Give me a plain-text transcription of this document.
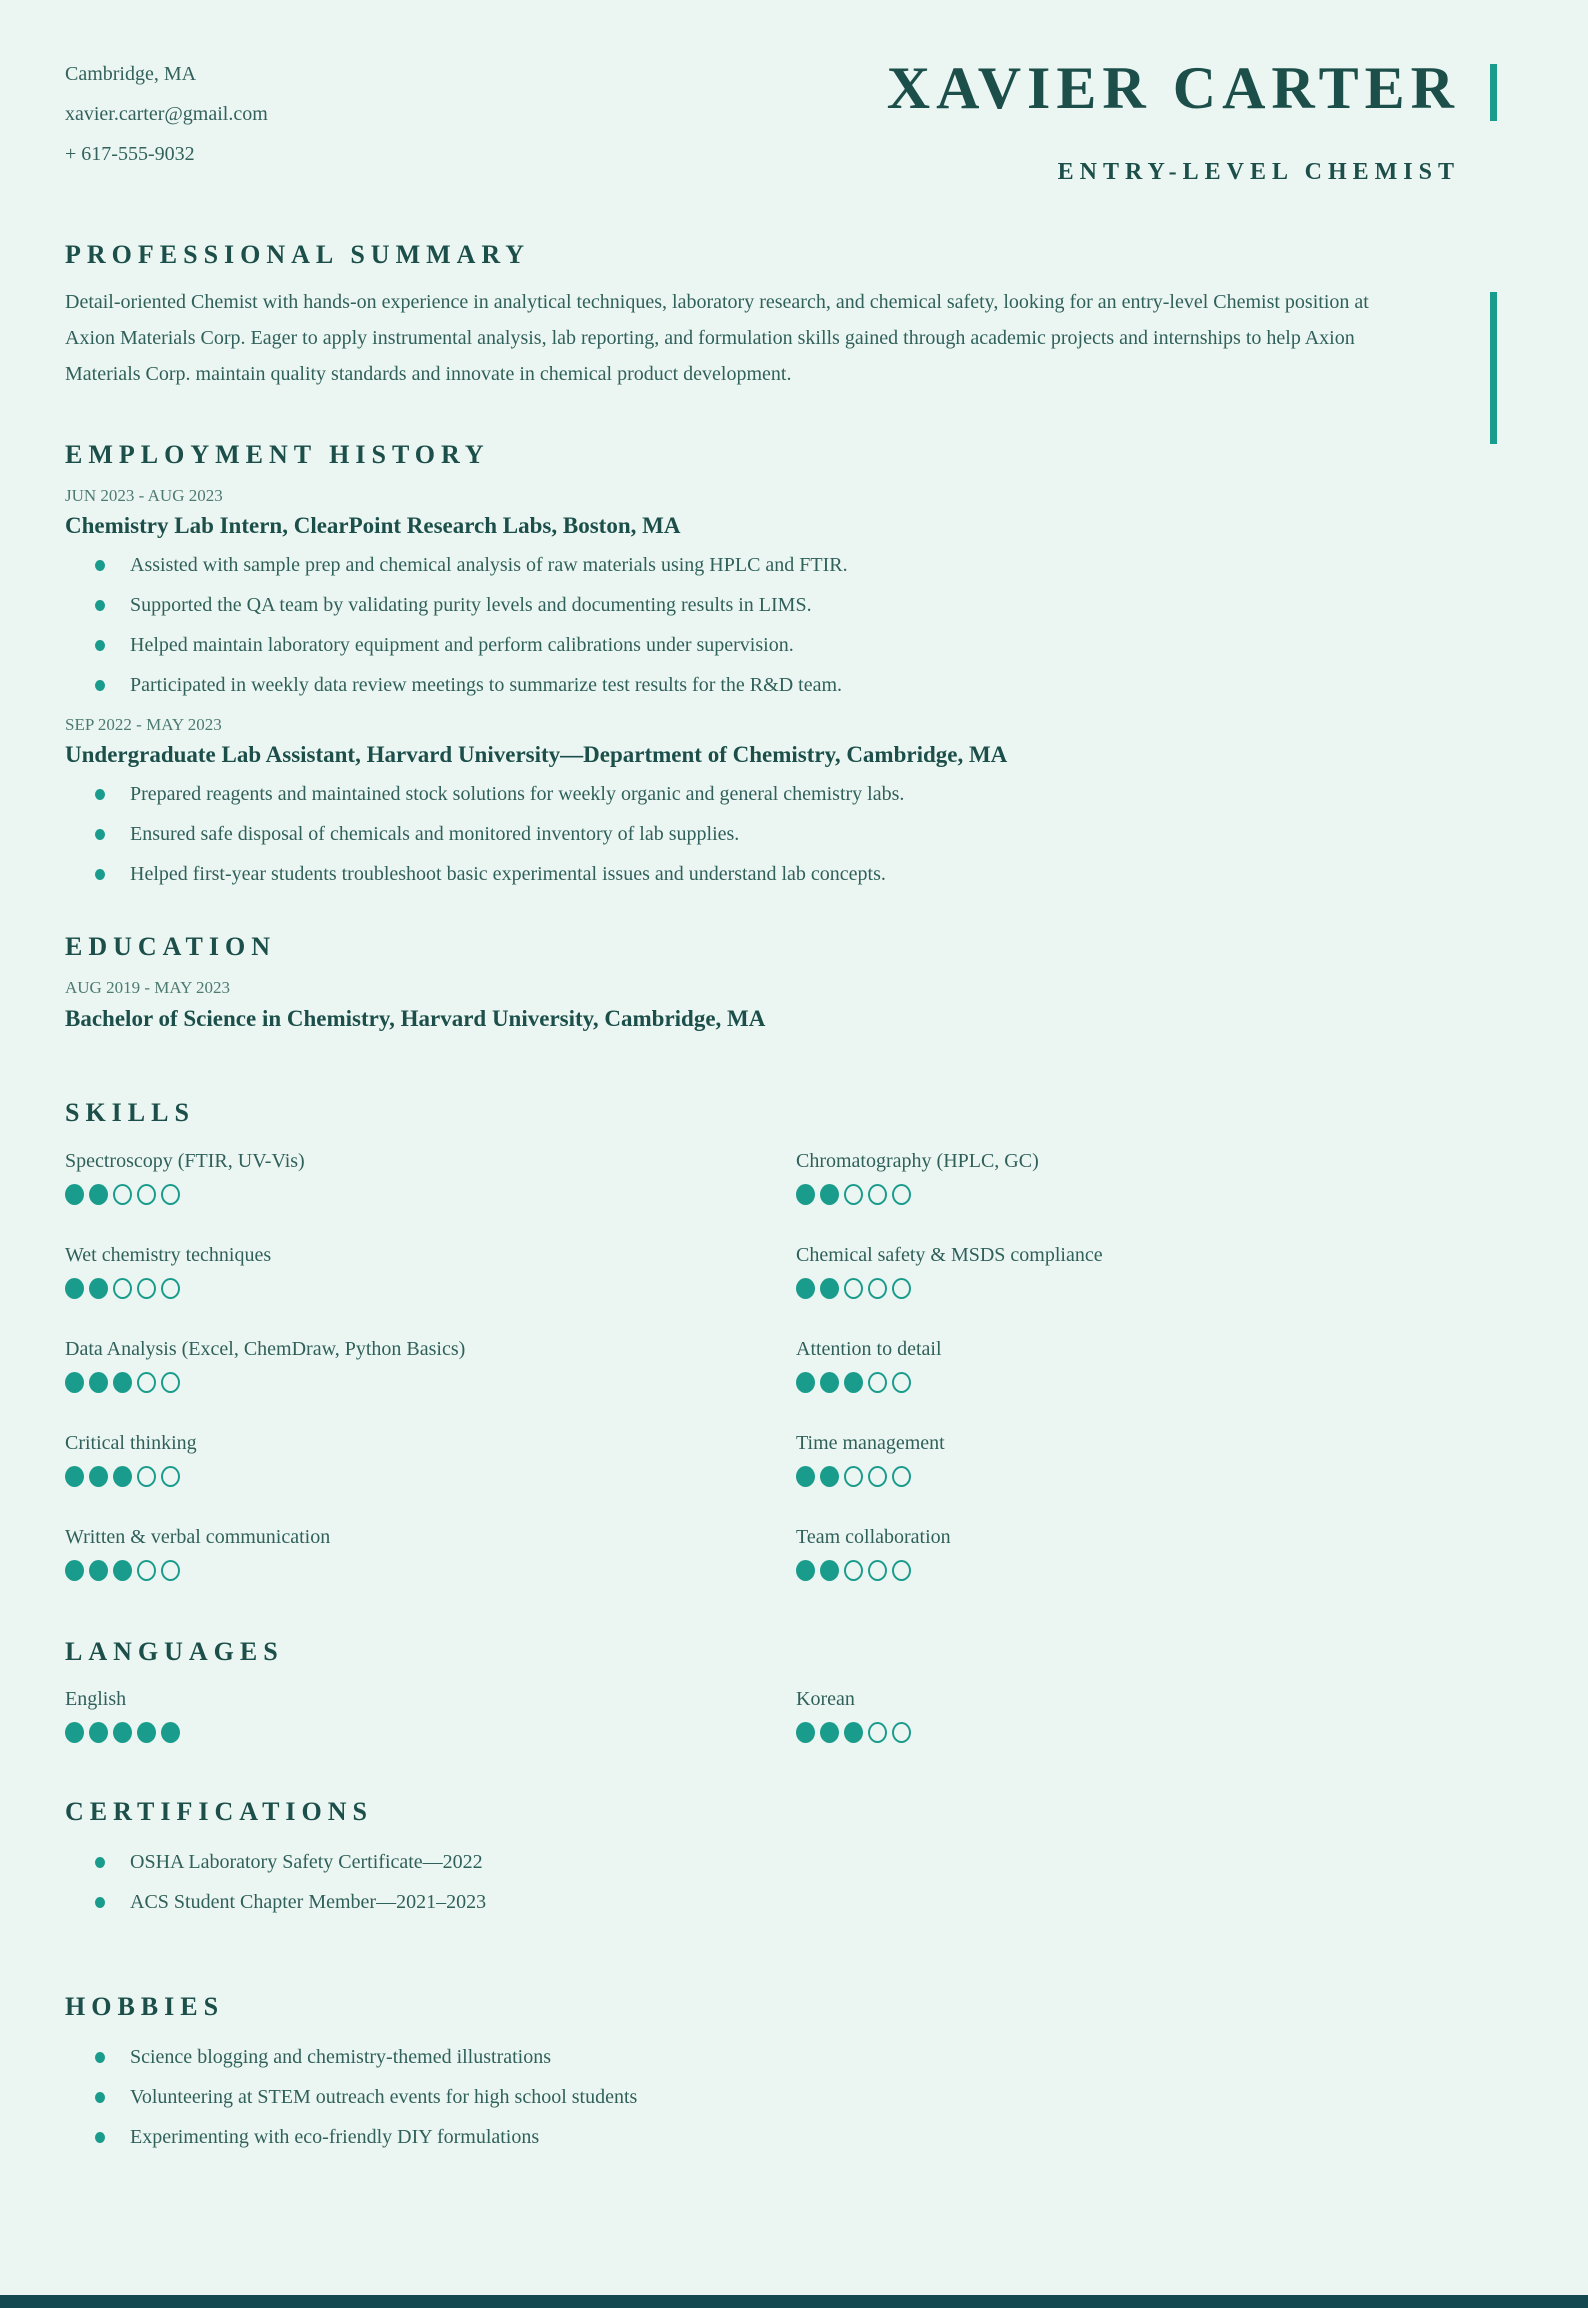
Cambridge, MA
xavier.carter@gmail.com
+ 617-555-9032
XAVIER CARTER
ENTRY-LEVEL CHEMIST
PROFESSIONAL SUMMARY

Detail-oriented Chemist with hands-on experience in analytical techniques, laboratory research, and chemical safety, looking for an entry-level Chemist position at Axion Materials Corp. Eager to apply instrumental analysis, lab reporting, and formulation skills gained through academic projects and internships to help Axion Materials Corp. maintain quality standards and innovate in chemical product development.

EMPLOYMENT HISTORY
JUN 2023 - AUG 2023
Chemistry Lab Intern, ClearPoint Research Labs, Boston, MA
Assisted with sample prep and chemical analysis of raw materials using HPLC and FTIR.
Supported the QA team by validating purity levels and documenting results in LIMS.
Helped maintain laboratory equipment and perform calibrations under supervision.
Participated in weekly data review meetings to summarize test results for the R&D team.
SEP 2022 - MAY 2023
Undergraduate Lab Assistant, Harvard University—Department of Chemistry, Cambridge, MA
Prepared reagents and maintained stock solutions for weekly organic and general chemistry labs.
Ensured safe disposal of chemicals and monitored inventory of lab supplies.
Helped first-year students troubleshoot basic experimental issues and understand lab concepts.
EDUCATION
AUG 2019 - MAY 2023
Bachelor of Science in Chemistry, Harvard University, Cambridge, MA
SKILLS
Spectroscopy (FTIR, UV-Vis)	Chromatography (HPLC, GC)
Wet chemistry techniques	Chemical safety & MSDS compliance
Data Analysis (Excel, ChemDraw, Python Basics)	Attention to detail
Critical thinking	Time management
Written & verbal communication	Team collaboration
LANGUAGES
English	Korean
CERTIFICATIONS
OSHA Laboratory Safety Certificate—2022
ACS Student Chapter Member—2021–2023
HOBBIES
Science blogging and chemistry-themed illustrations
Volunteering at STEM outreach events for high school students
Experimenting with eco-friendly DIY formulations
